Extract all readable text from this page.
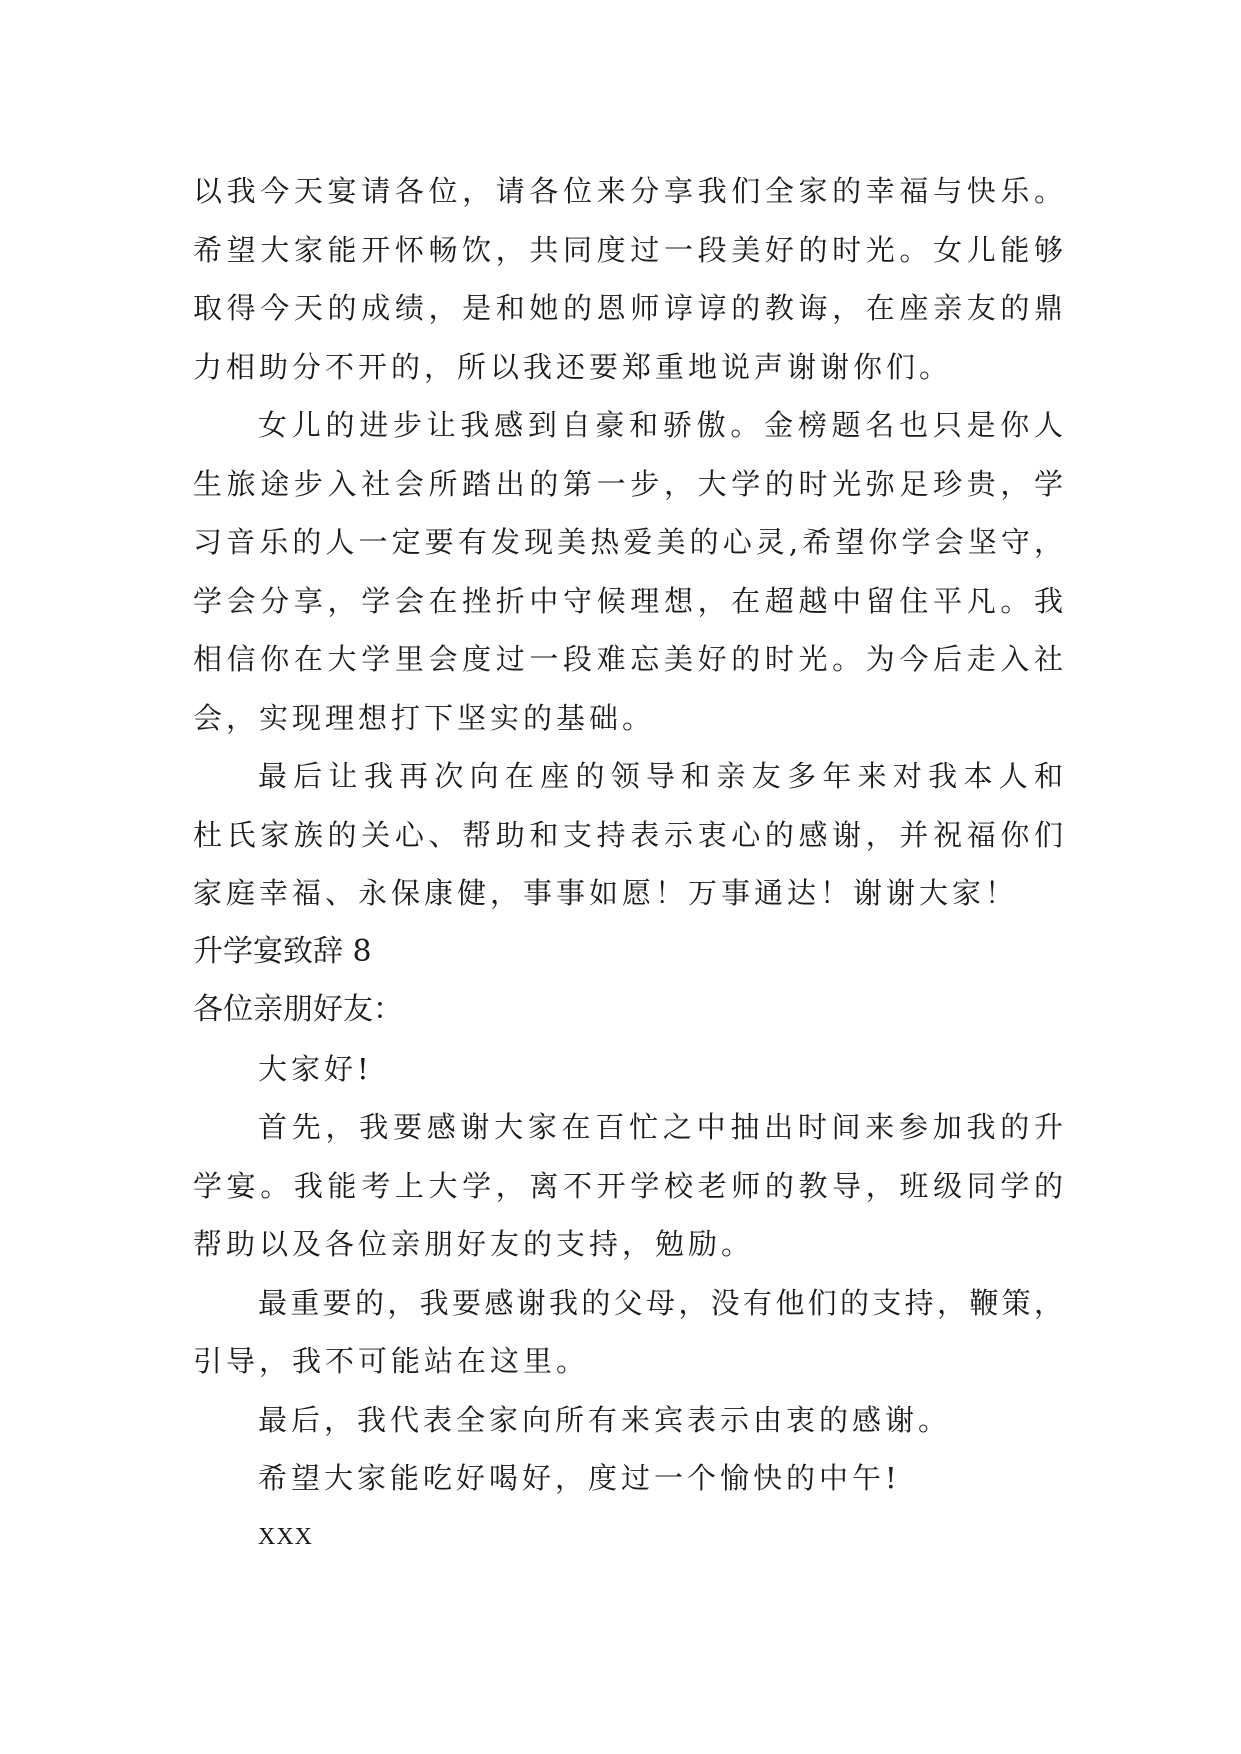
以我今天宴请各位，请各位来分享我们全家的幸福与快乐。
希望大家能开怀畅饮，共同度过一段美好的时光。女儿能够
取得今天的成绩，是和她的恩师谆谆的教诲，在座亲友的鼎
力相助分不开的，所以我还要郑重地说声谢谢你们。
女儿的进步让我感到自豪和骄傲。金榜题名也只是你人
生旅途步入社会所踏出的第一步，大学的时光弥足珍贵，学
习音乐的人一定要有发现美热爱美的心灵,希望你学会坚守，
学会分享，学会在挫折中守候理想，在超越中留住平凡。我
相信你在大学里会度过一段难忘美好的时光。为今后走入社
会，实现理想打下坚实的基础。
最后让我再次向在座的领导和亲友多年来对我本人和
杜氏家族的关心、帮助和支持表示衷心的感谢，并祝福你们
家庭幸福、永保康健，事事如愿！万事通达！谢谢大家！
升学宴致辞 8
各位亲朋好友：
大家好!
首先，我要感谢大家在百忙之中抽出时间来参加我的升
学宴。我能考上大学，离不开学校老师的教导，班级同学的
帮助以及各位亲朋好友的支持，勉励。
最重要的，我要感谢我的父母，没有他们的支持，鞭策，
引导，我不可能站在这里。
最后，我代表全家向所有来宾表示由衷的感谢。
希望大家能吃好喝好，度过一个愉快的中午!
XXX
